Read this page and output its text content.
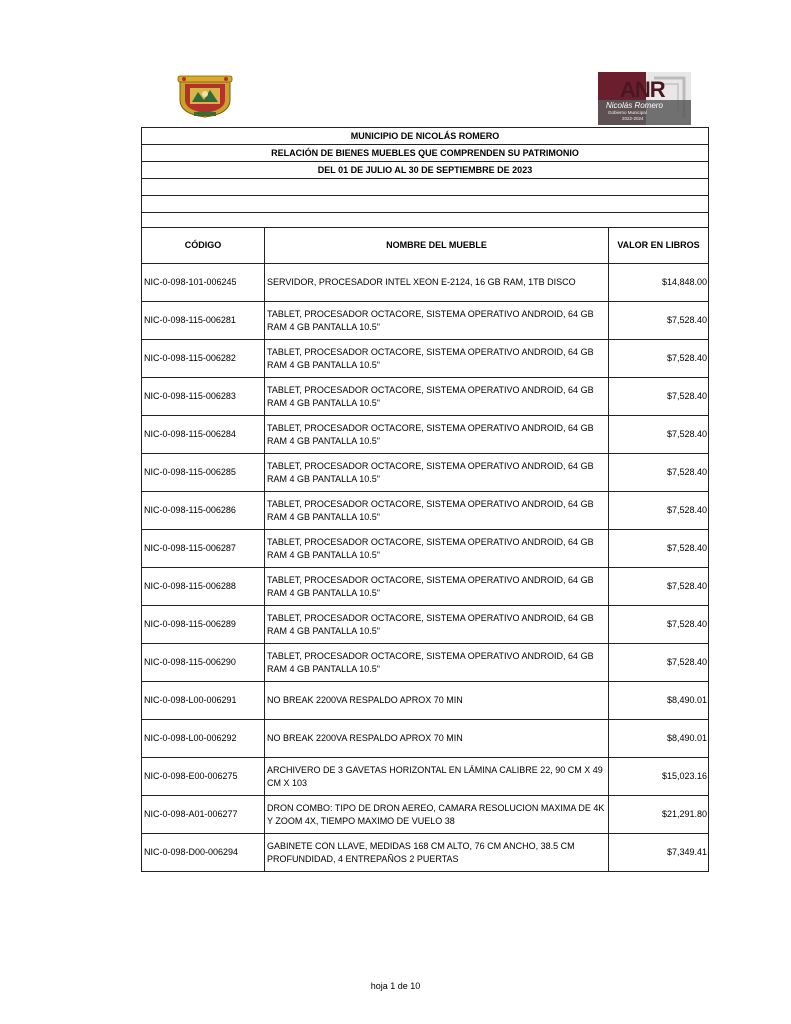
ANR
Nicolás Romero
Gobierno Municipal
2022-2024
MUNICIPIO DE NICOLÁS ROMERO		
RELACIÓN DE BIENES MUEBLES QUE COMPRENDEN SU PATRIMONIO		
DEL 01 DE JULIO AL 30 DE SEPTIEMBRE DE 2023		

CÓDIGO	NOMBRE DEL MUEBLE	VALOR EN LIBROS
NIC-0-098-101-006245	SERVIDOR, PROCESADOR INTEL XEON E-2124, 16 GB RAM, 1TB DISCO	$14,848.00
NIC-0-098-115-006281	TABLET, PROCESADOR OCTACORE, SISTEMA OPERATIVO ANDROID, 64 GB RAM 4 GB PANTALLA 10.5"	$7,528.40
NIC-0-098-115-006282	TABLET, PROCESADOR OCTACORE, SISTEMA OPERATIVO ANDROID, 64 GB RAM 4 GB PANTALLA 10.5"	$7,528.40
NIC-0-098-115-006283	TABLET, PROCESADOR OCTACORE, SISTEMA OPERATIVO ANDROID, 64 GB RAM 4 GB PANTALLA 10.5"	$7,528.40
NIC-0-098-115-006284	TABLET, PROCESADOR OCTACORE, SISTEMA OPERATIVO ANDROID, 64 GB RAM 4 GB PANTALLA 10.5"	$7,528.40
NIC-0-098-115-006285	TABLET, PROCESADOR OCTACORE, SISTEMA OPERATIVO ANDROID, 64 GB RAM 4 GB PANTALLA 10.5"	$7,528.40
NIC-0-098-115-006286	TABLET, PROCESADOR OCTACORE, SISTEMA OPERATIVO ANDROID, 64 GB RAM 4 GB PANTALLA 10.5"	$7,528.40
NIC-0-098-115-006287	TABLET, PROCESADOR OCTACORE, SISTEMA OPERATIVO ANDROID, 64 GB RAM 4 GB PANTALLA 10.5"	$7,528.40
NIC-0-098-115-006288	TABLET, PROCESADOR OCTACORE, SISTEMA OPERATIVO ANDROID, 64 GB RAM 4 GB PANTALLA 10.5"	$7,528.40
NIC-0-098-115-006289	TABLET, PROCESADOR OCTACORE, SISTEMA OPERATIVO ANDROID, 64 GB RAM 4 GB PANTALLA 10.5"	$7,528.40
NIC-0-098-115-006290	TABLET, PROCESADOR OCTACORE, SISTEMA OPERATIVO ANDROID, 64 GB RAM 4 GB PANTALLA 10.5"	$7,528.40
NIC-0-098-L00-006291	NO BREAK 2200VA RESPALDO APROX 70 MIN	$8,490.01
NIC-0-098-L00-006292	NO BREAK 2200VA RESPALDO APROX 70 MIN	$8,490.01
NIC-0-098-E00-006275	ARCHIVERO DE 3 GAVETAS HORIZONTAL EN LÁMINA CALIBRE 22, 90 CM X 49 CM X 103	$15,023.16
NIC-0-098-A01-006277	DRON COMBO: TIPO DE DRON AEREO, CAMARA RESOLUCION MAXIMA DE 4K Y ZOOM 4X, TIEMPO MAXIMO DE VUELO 38	$21,291.80
NIC-0-098-D00-006294	GABINETE CON LLAVE, MEDIDAS 168 CM ALTO, 76 CM ANCHO, 38.5 CM PROFUNDIDAD, 4 ENTREPAÑOS 2 PUERTAS	$7,349.41
hoja 1 de 10
